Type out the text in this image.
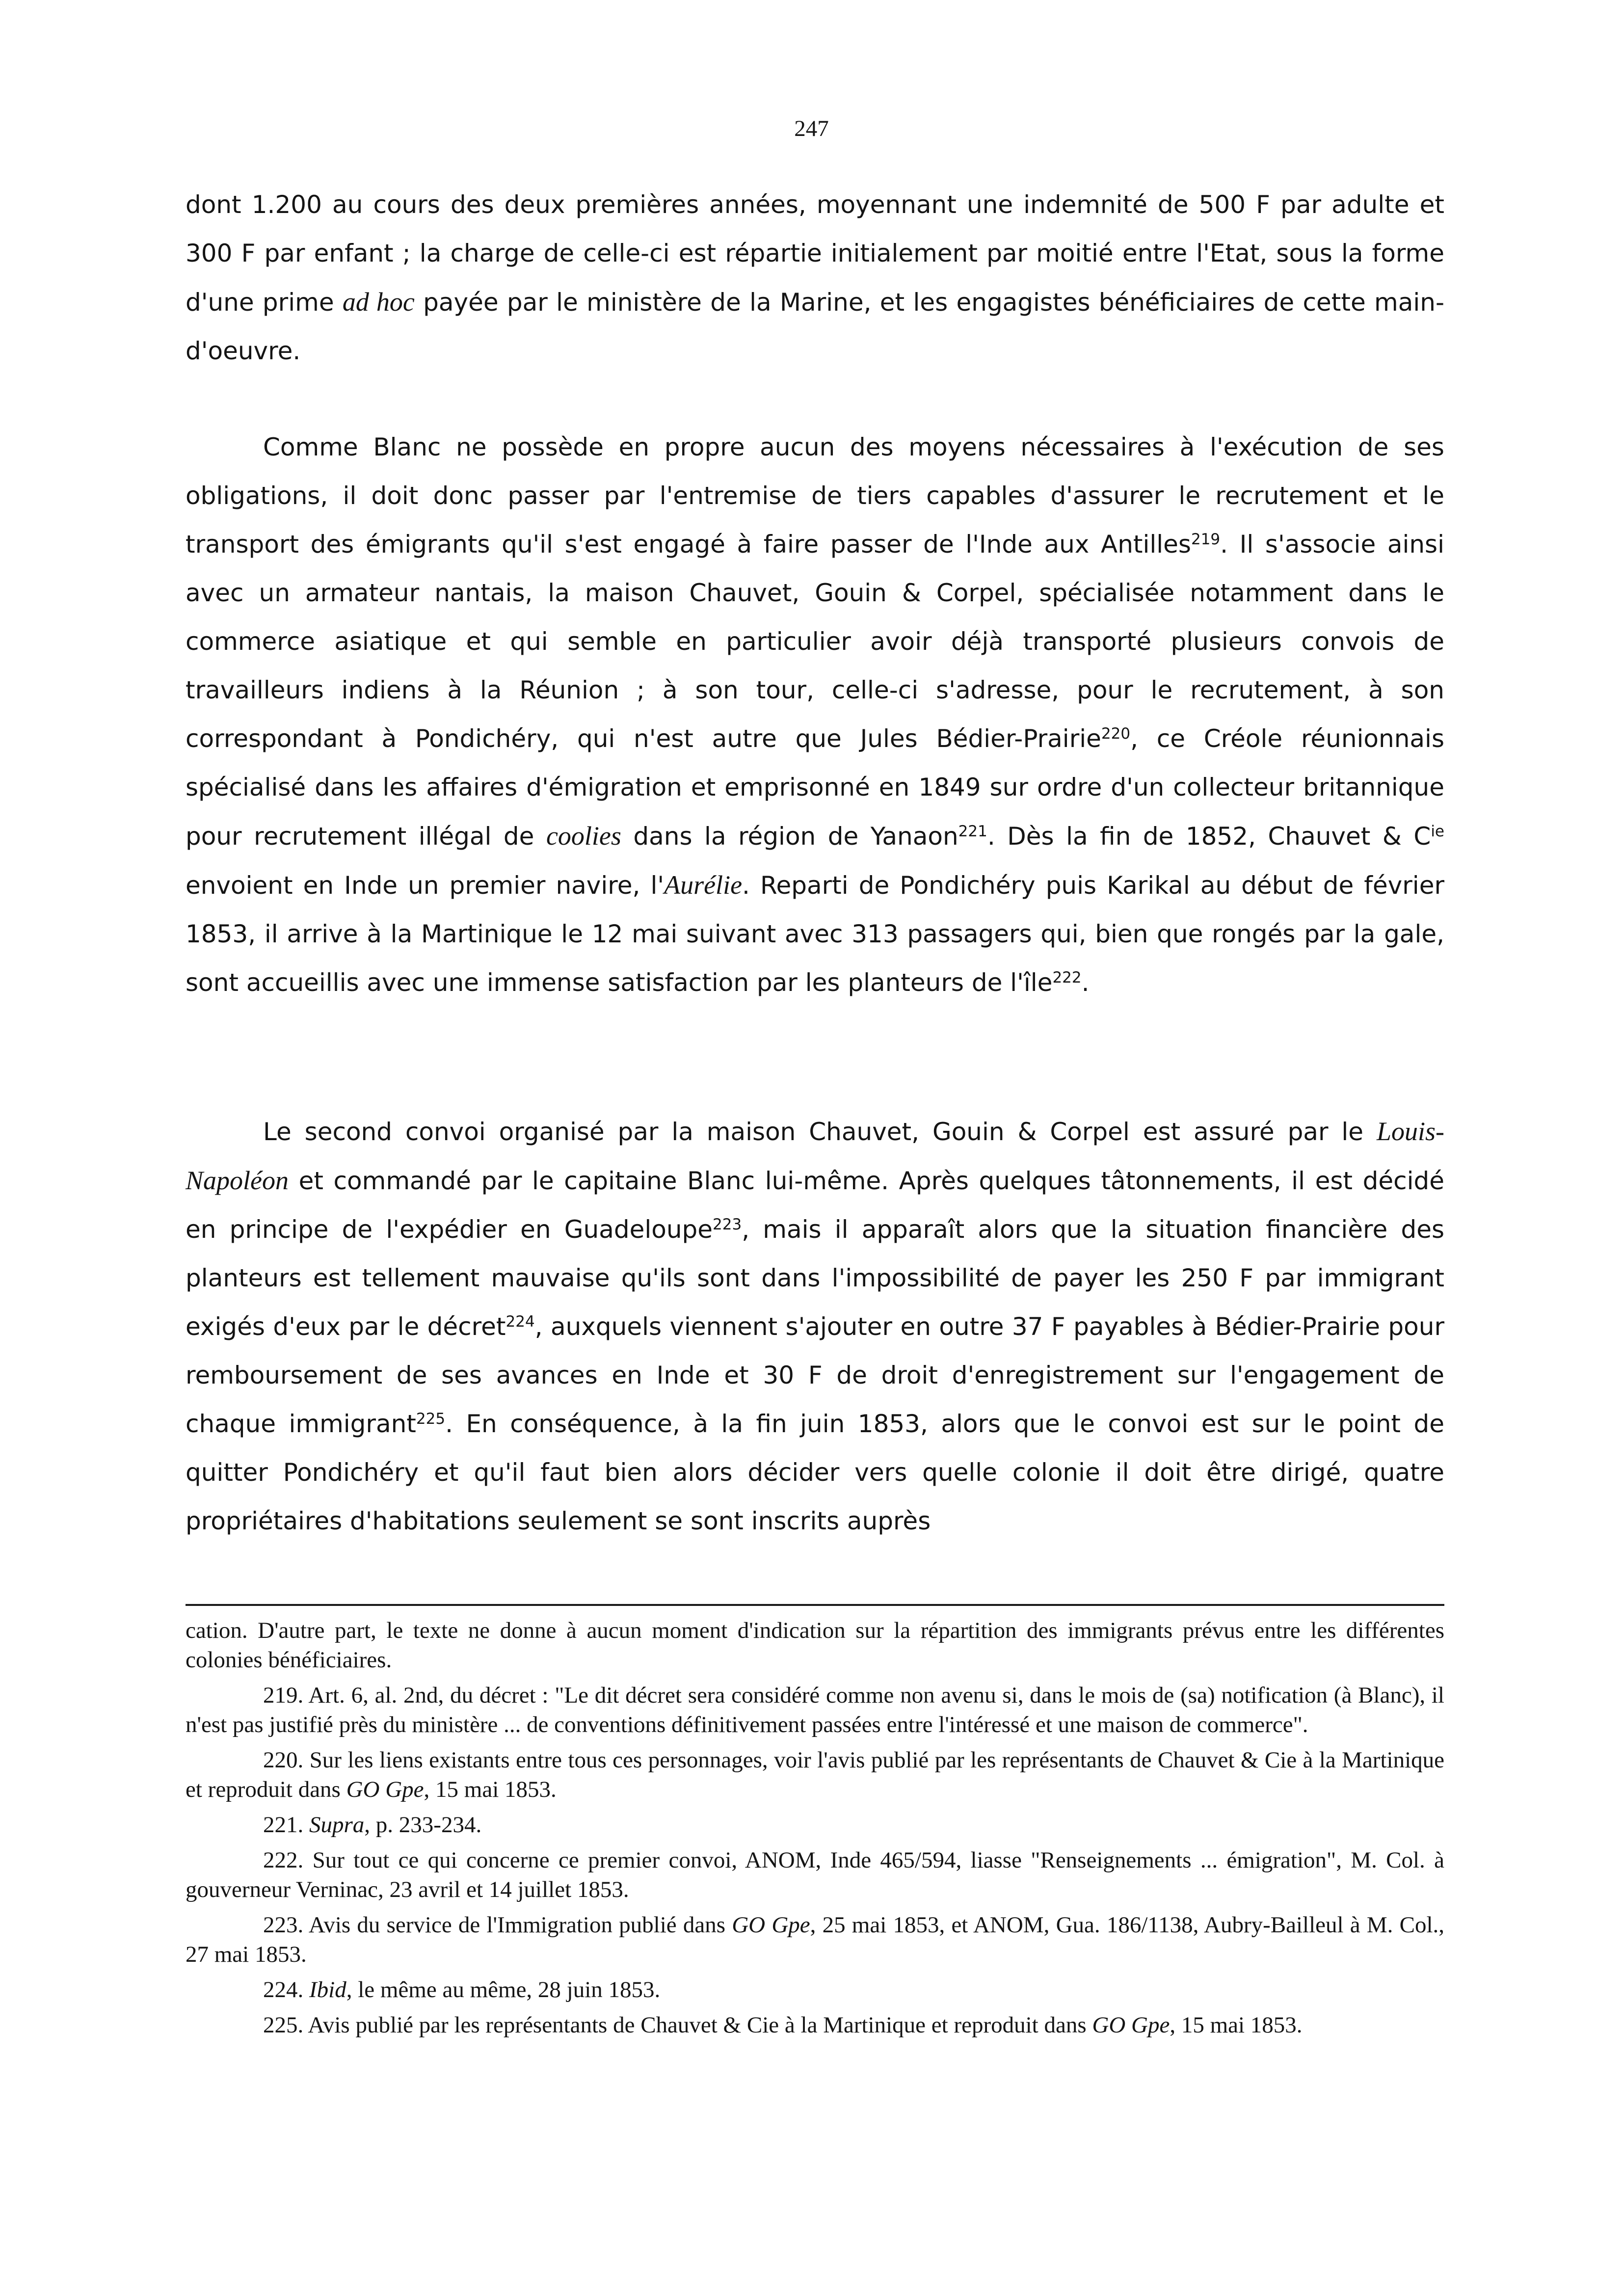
247

dont 1.200 au cours des deux premières années, moyennant une indemnité de 500 F par adulte et 300 F par enfant ; la charge de celle-ci est répartie initialement par moitié entre l'Etat, sous la forme d'une prime ad hoc payée par le ministère de la Marine, et les engagistes bénéficiaires de cette main-d'oeuvre.

Comme Blanc ne possède en propre aucun des moyens nécessaires à l'exécution de ses obligations, il doit donc passer par l'entremise de tiers capables d'assurer le recrutement et le transport des émigrants qu'il s'est engagé à faire passer de l'Inde aux Antilles$^{219}$. Il s'associe ainsi avec un armateur nantais, la maison Chauvet, Gouin & Corpel, spécialisée notamment dans le commerce asiatique et qui semble en particulier avoir déjà transporté plusieurs convois de travailleurs indiens à la Réunion ; à son tour, celle-ci s'adresse, pour le recrutement, à son correspondant à Pondichéry, qui n'est autre que Jules Bédier-Prairie$^{220}$, ce Créole réunionnais spécialisé dans les affaires d'émigration et emprisonné en 1849 sur ordre d'un collecteur britannique pour recrutement illégal de coolies dans la région de Yanaon$^{221}$. Dès la fin de 1852, Chauvet & $C^{ie}$ envoient en Inde un premier navire, l'Aurélie. Reparti de Pondichéry puis Karikal au début de février 1853, il arrive à la Martinique le 12 mai suivant avec 313 passagers qui, bien que rongés par la gale, sont accueillis avec une immense satisfaction par les planteurs de l'île$^{222}$.

Le second convoi organisé par la maison Chauvet, Gouin & Corpel est assuré par le Louis-Napoléon et commandé par le capitaine Blanc lui-même. Après quelques tâtonnements, il est décidé en principe de l'expédier en Guadeloupe$^{223}$, mais il apparaît alors que la situation financière des planteurs est tellement mauvaise qu'ils sont dans l'impossibilité de payer les 250 F par immigrant exigés d'eux par le décret$^{224}$, auxquels viennent s'ajouter en outre 37 F payables à Bédier-Prairie pour remboursement de ses avances en Inde et 30 F de droit d'enregistrement sur l'engagement de chaque immigrant$^{225}$. En conséquence, à la fin juin 1853, alors que le convoi est sur le point de quitter Pondichéry et qu'il faut bien alors décider vers quelle colonie il doit être dirigé, quatre propriétaires d'habitations seulement se sont inscrits auprès

cation. D'autre part, le texte ne donne à aucun moment d'indication sur la répartition des immigrants prévus entre les différentes colonies bénéficiaires.

219. Art. 6, al. 2nd, du décret : "Le dit décret sera considéré comme non avenu si, dans le mois de (sa) notification (à Blanc), il n'est pas justifié près du ministère ... de conventions définitivement passées entre l'intéressé et une maison de commerce".

220. Sur les liens existants entre tous ces personnages, voir l'avis publié par les représentants de Chauvet & Cie à la Martinique et reproduit dans GO Gpe, 15 mai 1853.

221. Supra, p. 233-234.

222. Sur tout ce qui concerne ce premier convoi, ANOM, Inde 465/594, liasse "Renseignements ... émigration", M. Col. à gouverneur Verninac, 23 avril et 14 juillet 1853.

223. Avis du service de l'Immigration publié dans GO Gpe, 25 mai 1853, et ANOM, Gua. 186/1138, Aubry-Bailleul à M. Col., 27 mai 1853.

224. Ibid, le même au même, 28 juin 1853.

225. Avis publié par les représentants de Chauvet & Cie à la Martinique et reproduit dans GO Gpe, 15 mai 1853.
